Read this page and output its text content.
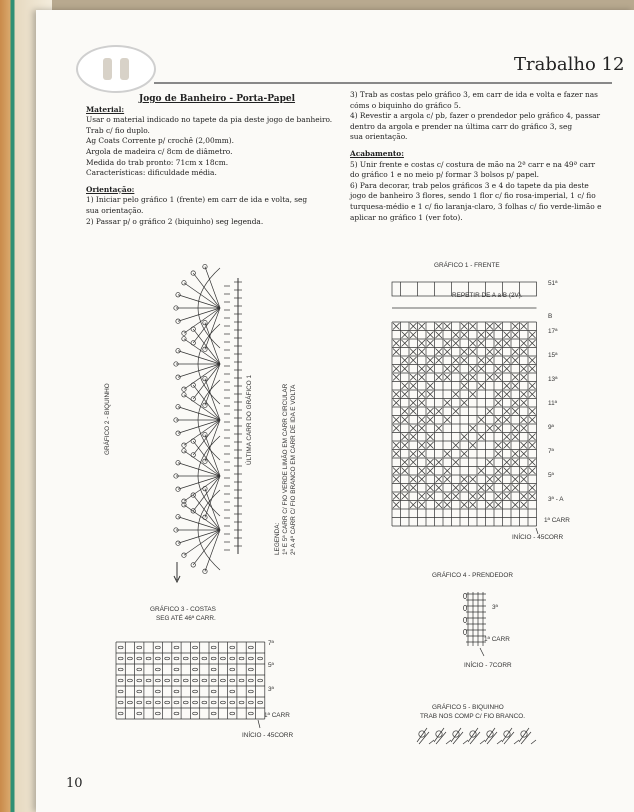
Trabalho 12

Jogo de Banheiro - Porta-Papel

Material:

Usar o material indicado no tapete da pia deste jogo de banheiro.

Trab c/ fio duplo.

Ag Coats Corrente p/ crochê (2,00mm).

Argola de madeira c/ 8cm de diâmetro.

Medida do trab pronto: 71cm x 18cm.

Características: dificuldade média.

Orientação:

1) Iniciar pelo gráfico 1 (frente) em carr de ida e volta, seg

sua orientação.

2) Passar p/ o gráfico 2 (biquinho) seg legenda.

3) Trab as costas pelo gráfico 3, em carr de ida e volta e fazer nas

cóms o biquinho do gráfico 5.

4) Revestir a argola c/ pb, fazer o prendedor pelo gráfico 4, passar

dentro da argola e prender na última carr do gráfico 3, seg

sua orientação.

Acabamento:

5) Unir frente e costas c/ costura de mão na 2ª carr e na 49ª carr

do gráfico 1 e no meio p/ formar 3 bolsos p/ papel.

6) Para decorar, trab pelos gráficos 3 e 4 do tapete da pia deste

jogo de banheiro 3 flores, sendo 1 flor c/ fio rosa-imperial, 1 c/ fio

turquesa-médio e 1 c/ fio laranja-claro, 3 folhas c/ fio verde-limão e

aplicar no gráfico 1 (ver foto).

GRÁFICO 2 - BIQUINHO	ÚLTIMA CARR DO GRÁFICO 1
LEGENDA: 1ª E 5ª CARR C/ FIO VERDE LIMÃO EM CARR CIRCULAR 2ª A 4ª CARR C/ FIO BRANCO EM CARR DE IDA E VOLTA
GRÁFICO 1 - FRENTE
REPETIR DE A a B (2V).
51ª
B
17ª
15ª
13ª
11ª
9ª
7ª
5ª
3ª - A
1ª CARR
INÍCIO - 45CORR
GRÁFICO 3 - COSTAS
SEG ATÉ 46ª CARR.
7ª
5ª
3ª
1ª CARR
INÍCIO - 45CORR
GRÁFICO 4 - PRENDEDOR
3ª
1ª CARR
INÍCIO - 7CORR
GRÁFICO 5 - BIQUINHO
TRAB NOS COMP C/ FIO BRANCO.
10
